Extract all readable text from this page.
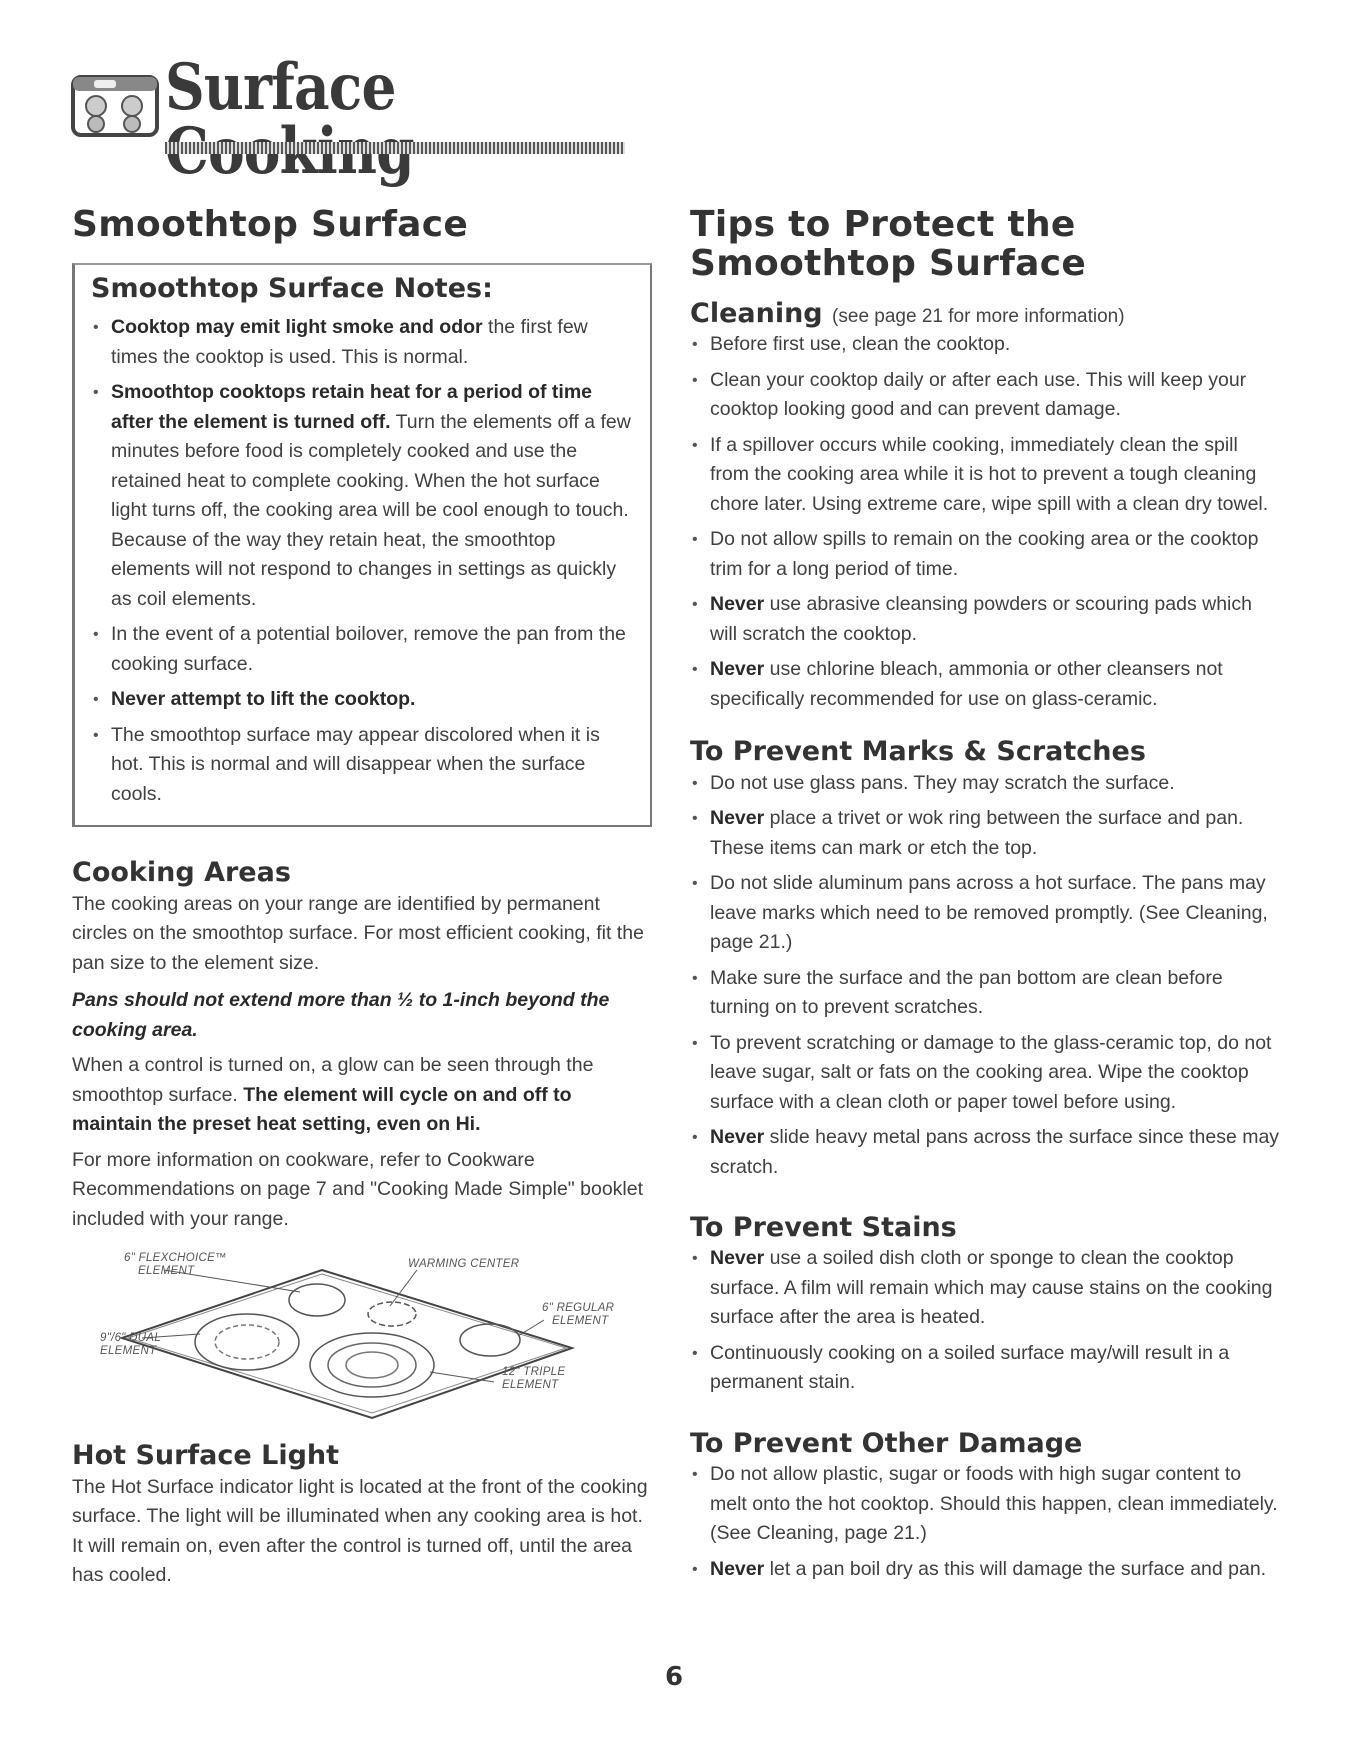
Surface
Smoothtop Surface
Smoothtop Surface Notes:
• Cooktop may emit light smoke and odor the first few times the cooktop is used. This is normal.
• Smoothtop cooktops retain heat for a period of time after the element is turned off. Turn the elements off a few minutes before food is completely cooked and use the retained heat to complete cooking. When the hot surface light turns off, the cooking area will be cool enough to touch. Because of the way they retain heat, the smoothtop elements will not respond to changes in settings as quickly as coil elements.
• In the event of a potential boilover, remove the pan from the cooking surface.
• Never attempt to lift the cooktop.
• The smoothtop surface may appear discolored when it is hot. This is normal and will disappear when the surface cools.
Cooking Areas

The cooking areas on your range are identified by permanent circles on the smoothtop surface. For most efficient cooking, fit the pan size to the element size.

Pans should not extend more than ½ to 1-inch beyond the cooking area.

When a control is turned on, a glow can be seen through the smoothtop surface. The element will cycle on and off to maintain the preset heat setting, even on Hi.

For more information on cookware, refer to Cookware Recommendations on page 7 and "Cooking Made Simple" booklet included with your range.

6" FLEXCHOICE™
ELEMENT
WARMING CENTER
6" REGULAR
ELEMENT
9"/6" DUAL
ELEMENT
12" TRIPLE
ELEMENT
Hot Surface Light

The Hot Surface indicator light is located at the front of the cooking surface. The light will be illuminated when any cooking area is hot. It will remain on, even after the control is turned off, until the area has cooled.

Tips to Protect the
Smoothtop Surface
Cleaning (see page 21 for more information)
• Before first use, clean the cooktop.
• Clean your cooktop daily or after each use. This will keep your cooktop looking good and can prevent damage.
• If a spillover occurs while cooking, immediately clean the spill from the cooking area while it is hot to prevent a tough cleaning chore later. Using extreme care, wipe spill with a clean dry towel.
• Do not allow spills to remain on the cooking area or the cooktop trim for a long period of time.
• Never use abrasive cleansing powders or scouring pads which will scratch the cooktop.
• Never use chlorine bleach, ammonia or other cleansers not specifically recommended for use on glass-ceramic.
To Prevent Marks & Scratches
• Do not use glass pans. They may scratch the surface.
• Never place a trivet or wok ring between the surface and pan. These items can mark or etch the top.
• Do not slide aluminum pans across a hot surface. The pans may leave marks which need to be removed promptly. (See Cleaning, page 21.)
• Make sure the surface and the pan bottom are clean before turning on to prevent scratches.
• To prevent scratching or damage to the glass-ceramic top, do not leave sugar, salt or fats on the cooking area. Wipe the cooktop surface with a clean cloth or paper towel before using.
• Never slide heavy metal pans across the surface since these may scratch.
To Prevent Stains
• Never use a soiled dish cloth or sponge to clean the cooktop surface. A film will remain which may cause stains on the cooking surface after the area is heated.
• Continuously cooking on a soiled surface may/will result in a permanent stain.
To Prevent Other Damage
• Do not allow plastic, sugar or foods with high sugar content to melt onto the hot cooktop. Should this happen, clean immediately. (See Cleaning, page 21.)
• Never let a pan boil dry as this will damage the surface and pan.
6
